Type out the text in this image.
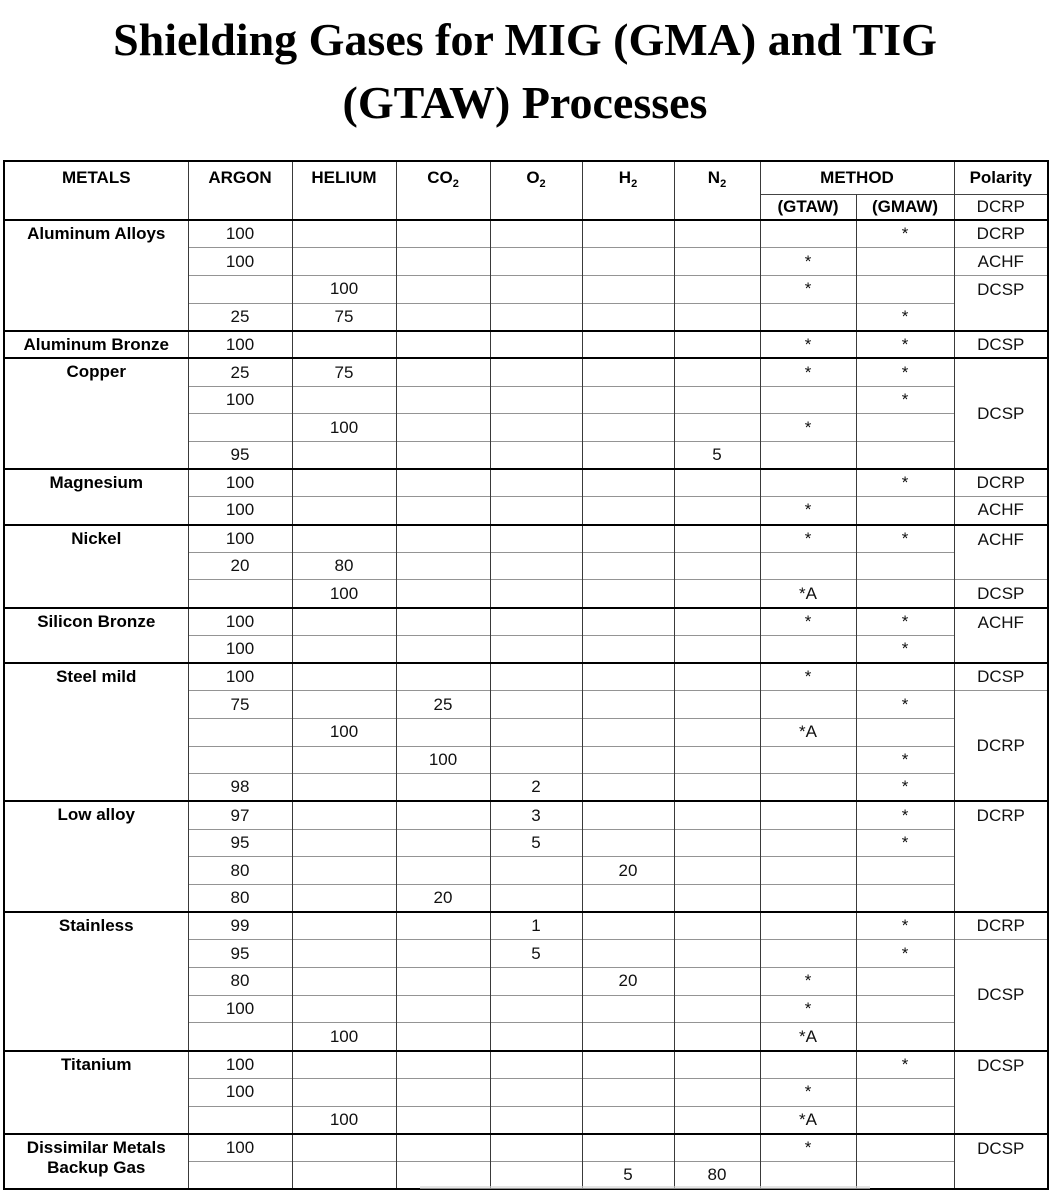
Shielding Gases for MIG (GMA) and TIG
(GTAW) Processes
METALS	ARGON	HELIUM	$CO_2$	$O_2$	$H_2$	$N_2$	METHOD		Polarity
							(GTAW)	(GMAW)	DCRP
Aluminum Alloys	100							*	DCRP
	100						*		ACHF
		100					*		DCSP
	25	75						*	
Aluminum Bronze	100						*	*	DCSP
Copper	25	75					*	*	DCSP
	100							*	
		100					*		
	95					5			
Magnesium	100							*	DCRP
	100						*		ACHF
Nickel	100						*	*	ACHF
	20	80							
		100					*A		DCSP
Silicon Bronze	100						*	*	ACHF
	100							*	
Steel mild	100						*		DCSP
	75		25					*	DCRP
		100					*A		
			100					*	
	98			2				*	
Low alloy	97			3				*	DCRP
	95			5				*	
	80				20				
	80		20						
Stainless	99			1				*	DCRP
	95			5				*	DCSP
	80				20		*		
	100						*		
		100					*A		
Titanium	100							*	DCSP
	100						*		
		100					*A		

Dissimilar Metals
Backup Gas	100						*		DCSP
					5	80			
